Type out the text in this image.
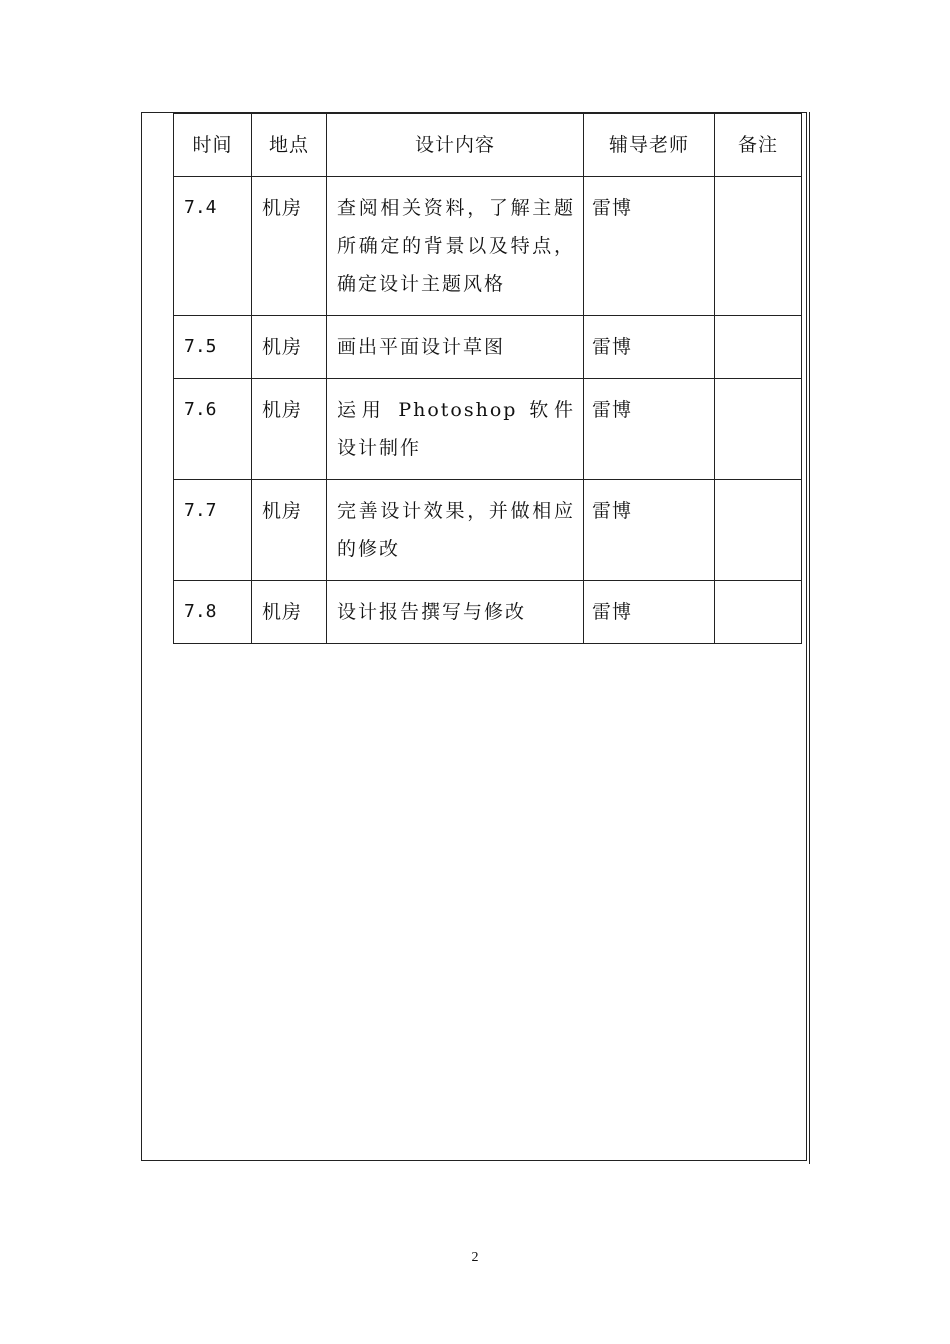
时间	地点	设计内容	辅导老师	备注
7.4	机房	查阅相关资料，了解主题所确定的背景以及特点，确定设计主题风格	雷博	
7.5	机房	画出平面设计草图	雷博	
7.6	机房	运用 Photoshop 软件设计制作	雷博	
7.7	机房	完善设计效果，并做相应的修改	雷博	
7.8	机房	设计报告撰写与修改	雷博	
2
